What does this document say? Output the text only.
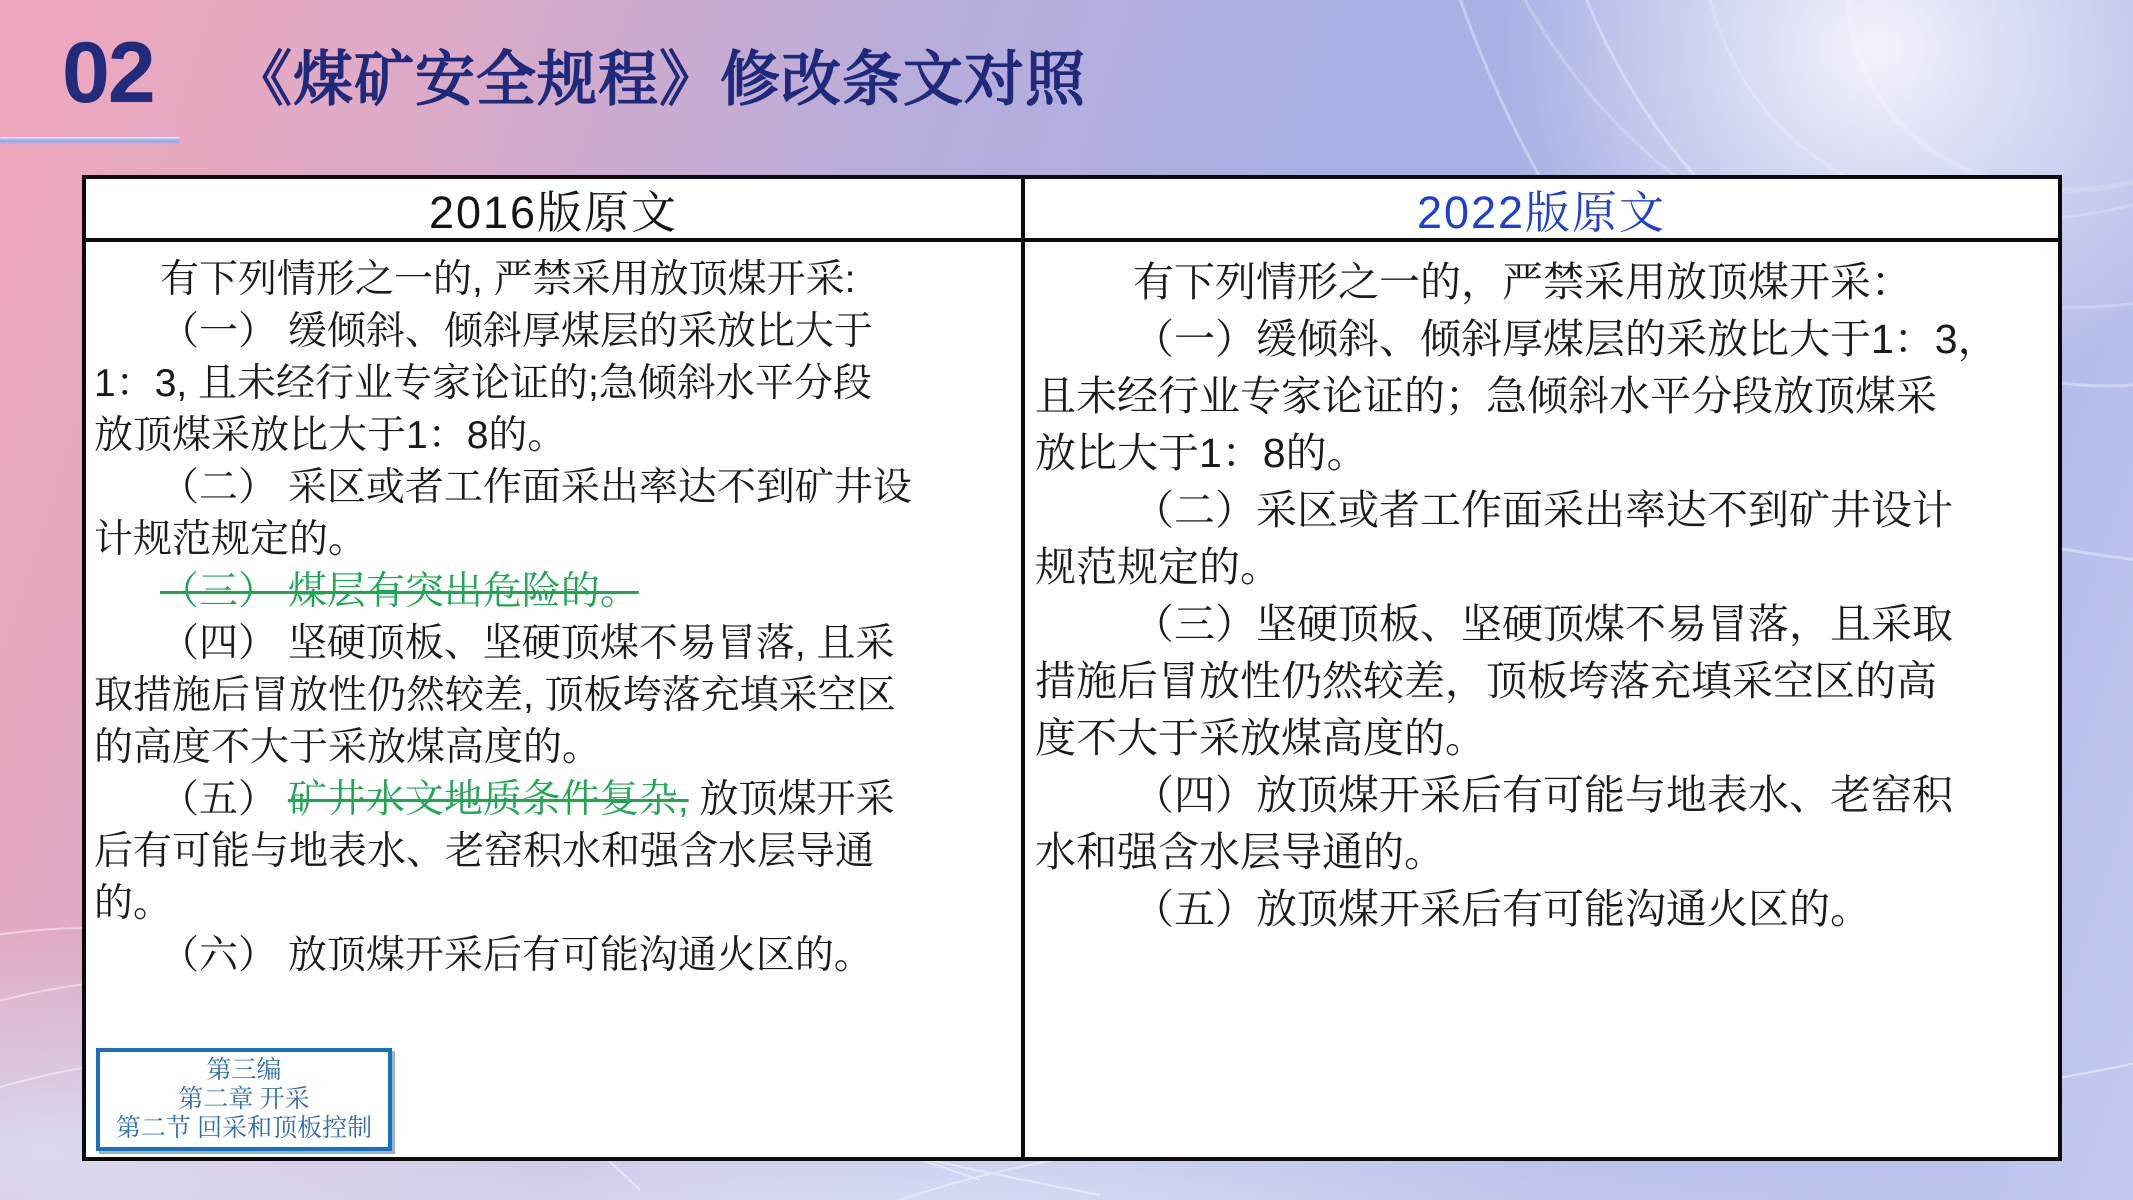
02 《煤矿安全规程》修改条文对照
2016版原文	2022版原文
有下列情形之一的, 严禁采用放顶煤开采:
（一） 缓倾斜、倾斜厚煤层的采放比大于
1：3, 且未经行业专家论证的;急倾斜水平分段
放顶煤采放比大于1：8的。
（二） 采区或者工作面采出率达不到矿井设
计规范规定的。
（三） 煤层有突出危险的。
（四） 坚硬顶板、坚硬顶煤不易冒落, 且采
取措施后冒放性仍然较差, 顶板垮落充填采空区
的高度不大于采放煤高度的。
（五） 矿井水文地质条件复杂, 放顶煤开采
后有可能与地表水、老窑积水和强含水层导通
的。
（六） 放顶煤开采后有可能沟通火区的。
第三编
第二章 开采
第二节 回采和顶板控制
有下列情形之一的，严禁采用放顶煤开采：
（一）缓倾斜、倾斜厚煤层的采放比大于1：3，
且未经行业专家论证的；急倾斜水平分段放顶煤采
放比大于1：8的。
（二）采区或者工作面采出率达不到矿井设计
规范规定的。
（三）坚硬顶板、坚硬顶煤不易冒落，且采取
措施后冒放性仍然较差，顶板垮落充填采空区的高
度不大于采放煤高度的。
（四）放顶煤开采后有可能与地表水、老窑积
水和强含水层导通的。
（五）放顶煤开采后有可能沟通火区的。
